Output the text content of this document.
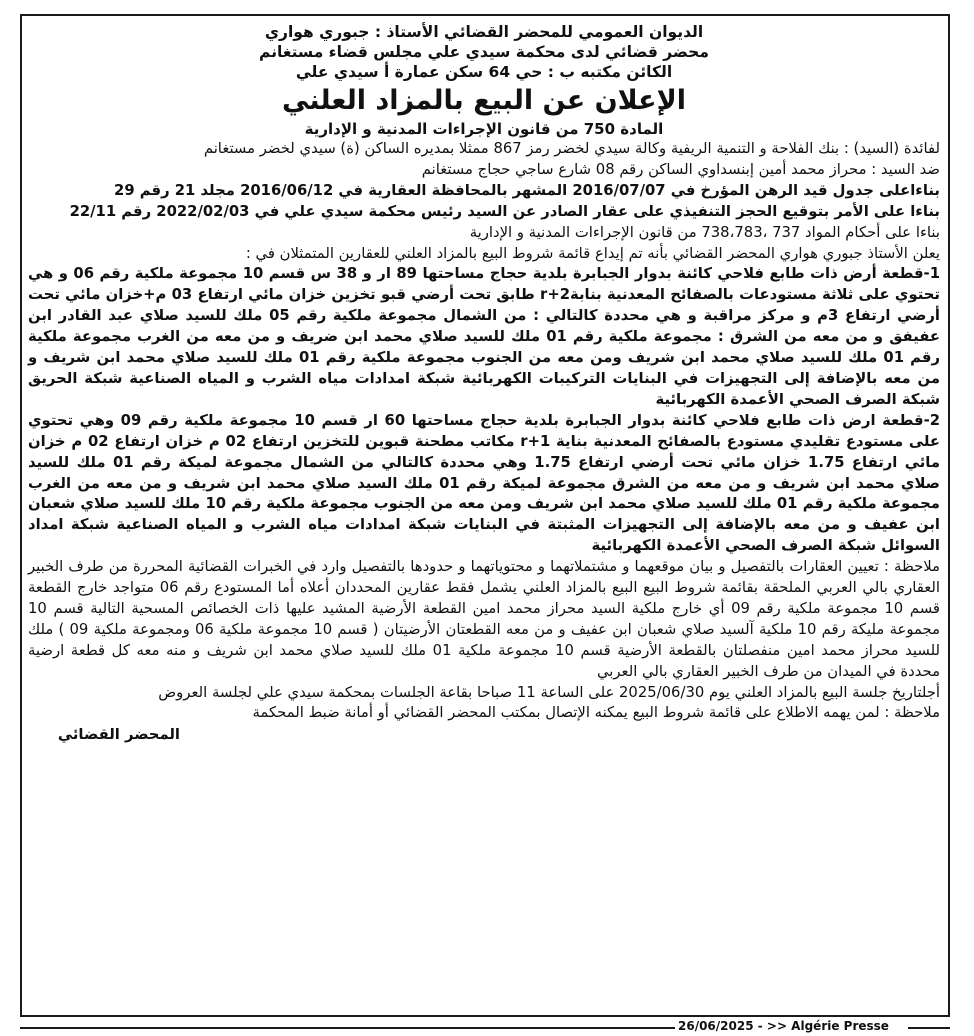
الديوان العمومي للمحضر القضائي الأستاذ : جبوري هواري
محضر قضائي لدى محكمة سيدي علي مجلس قضاء مستغانم
الكائن مكتبه ب : حي 64 سكن عمارة أ سيدي علي
الإعلان عن البيع بالمزاد العلني
المادة 750 من قانون الإجراءات المدنية و الإدارية
لفائدة (السيد) : بنك الفلاحة و التنمية الريفية وكالة سيدي لخضر رمز 867 ممثلا بمديره الساكن (ة) سيدي لخضر مستغانم
ضد السيد : محراز محمد أمين إبنسداوي الساكن رقم 08 شارع ساجي حجاج مستغانم
بناءاعلى جدول قيد الرهن المؤرخ في 2016/07/07 المشهر بالمحافظة العقارية في 2016/06/12 مجلد 21 رقم 29
بناءا على الأمر بتوقيع الحجز التنفيذي على عقار الصادر عن السيد رئيس محكمة سيدي علي في 2022/02/03 رقم 22/11
بناءا على أحكام المواد 737 ،738،783 من قانون الإجراءات المدنية و الإدارية
يعلن الأستاذ جبوري هواري المحضر القضائي بأنه تم إيداع قائمة شروط البيع بالمزاد العلني للعقارين المتمثلان في :
1-قطعة أرض ذات طابع فلاحي كائنة بدوار الجبابرة بلدية حجاج مساحتها 89 ار و 38 س قسم 10 مجموعة ملكية رقم 06 و هي تحتوي على ثلاثة مستودعات بالصفائح المعدنية بنابة2+r طابق تحت أرضي قبو تخزين خزان مائي ارتفاع 03 م+خزان مائي تحت أرضي ارتفاع 3م و مركز مراقبة و هي محددة كالتالي : من الشمال مجموعة ملكية رقم 05 ملك للسيد صلاي عبد القادر ابن عفيفق و من معه من الشرق : مجموعة ملكية رقم 01 ملك للسيد صلاي محمد ابن ضريف و من معه من الغرب مجموعة ملكية رقم 01 ملك للسيد صلاي محمد ابن شريف ومن معه من الجنوب مجموعة ملكية رقم 01 ملك للسيد صلاي محمد ابن شريف و من معه بالإضافة إلى التجهيزات في البنايات التركيبات الكهربائية شبكة امدادات مياه الشرب و المياه الصناعية شبكة الحريق شبكة الصرف الصحي الأعمدة الكهربائية
2-قطعة ارض ذات طابع فلاحي كائنة بدوار الجبابرة بلدية حجاج مساحتها 60 ار قسم 10 مجموعة ملكية رقم 09 وهي تحتوي على مستودع تقليدي مستودع بالصفائح المعدنية بناية 1+r مكاتب مطحنة قبوين للتخزين ارتفاع 02 م خزان ارتفاع 02 م خزان مائي ارتفاع 1.75 خزان مائي تحت أرضي ارتفاع 1.75 وهي محددة كالتالي من الشمال مجموعة لميكة رقم 01 ملك للسيد صلاي محمد ابن شريف و من معه من الشرق مجموعة لميكة رقم 01 ملك السيد صلاي محمد ابن شريف و من معه من الغرب مجموعة ملكية رقم 01 ملك للسيد صلاي محمد ابن شريف ومن معه من الجنوب مجموعة ملكية رقم 10 ملك للسيد صلاي شعبان ابن عفيف و من معه بالإضافة إلى التجهيزات المثبتة في البنايات شبكة امدادات مياه الشرب و المياه الصناعية شبكة امداد السوائل شبكة الصرف الصحي الأعمدة الكهربائية
ملاحظة : تعيين العقارات بالتفصيل و بيان موقعهما و مشتملاتهما و محتوياتهما و حدودها بالتفصيل وارد في الخبرات القضائية المحررة من طرف الخبير العقاري بالي العربي الملحقة بقائمة شروط البيع البيع بالمزاد العلني يشمل فقط عقارين المحددان أعلاه أما المستودع رقم 06 متواجد خارج القطعة قسم 10 مجموعة ملكية رقم 09 أي خارج ملكية السيد محراز محمد امين القطعة الأرضية المشيد عليها ذات الخصائص المسحية التالية قسم 10 مجموعة مليكة رقم 10 ملكية آلسيد صلاي شعبان ابن عفيف و من معه القطعتان الأرضيتان ( قسم 10 مجموعة ملكية 06 ومجموعة ملكية 09 ) ملك للسيد محراز محمد امين منفصلتان بالقطعة الأرضية قسم 10 مجموعة ملكية 01 ملك للسيد صلاي محمد ابن شريف و منه معه كل قطعة ارضية محددة في الميدان من طرف الخبير العقاري بالي العربي
أجلتاريخ جلسة البيع بالمزاد العلني يوم 2025/06/30 على الساعة 11 صباحا بقاعة الجلسات بمحكمة سيدي علي لجلسة العروض
ملاحظة : لمن يهمه الاطلاع على قائمة شروط البيع يمكنه الإتصال بمكتب المحضر القضائي أو أمانة ضبط المحكمة
المحضر القضائي
26/06/2025 - >> Algérie Presse
